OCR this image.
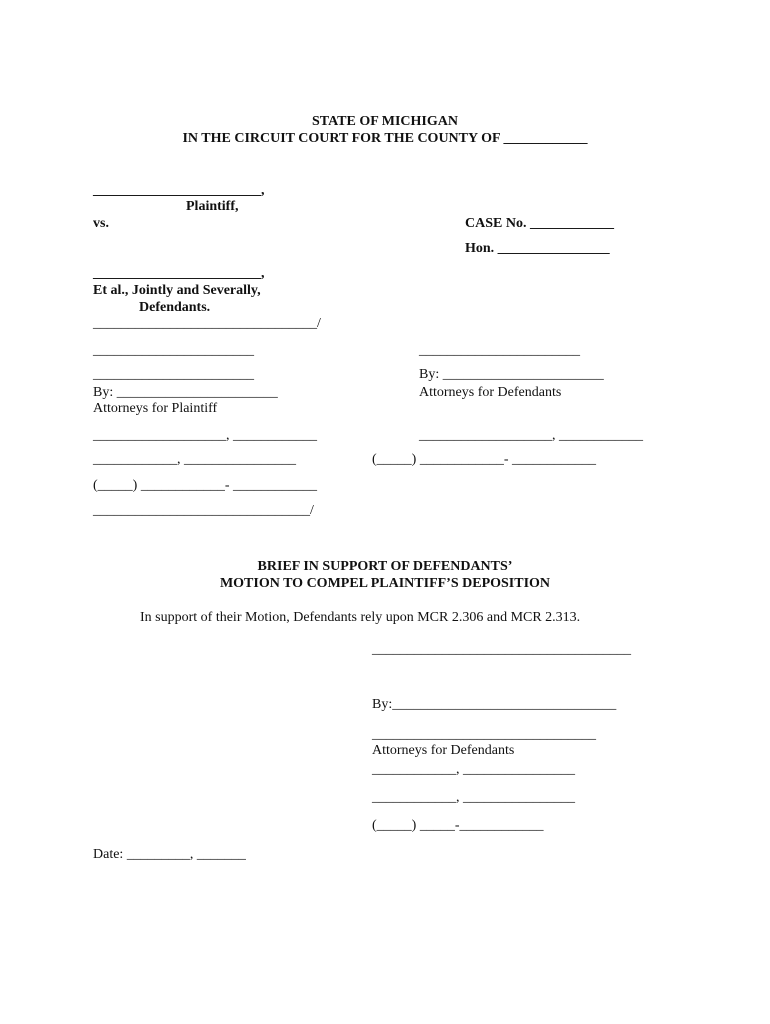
STATE OF MICHIGAN
IN THE CIRCUIT COURT FOR THE COUNTY OF ____________
________________________,
Plaintiff,
vs.
________________________,
Et al., Jointly and Severally,
Defendants.
________________________________/
CASE No. ____________
Hon. ________________
_______________________
_______________________
By: _______________________
Attorneys for Plaintiff
___________________, ____________
____________, ________________
(_____) ____________- ____________
_______________________________/
_______________________
By: _______________________
Attorneys for Defendants
___________________, ____________
(_____) ____________- ____________
BRIEF IN SUPPORT OF DEFENDANTS’
MOTION TO COMPEL PLAINTIFF’S DEPOSITION
In support of their Motion, Defendants rely upon MCR 2.306 and MCR 2.313.
_____________________________________
By:________________________________
________________________________
Attorneys for Defendants
____________, ________________
____________, ________________
(_____) _____-____________
Date: _________, _______
